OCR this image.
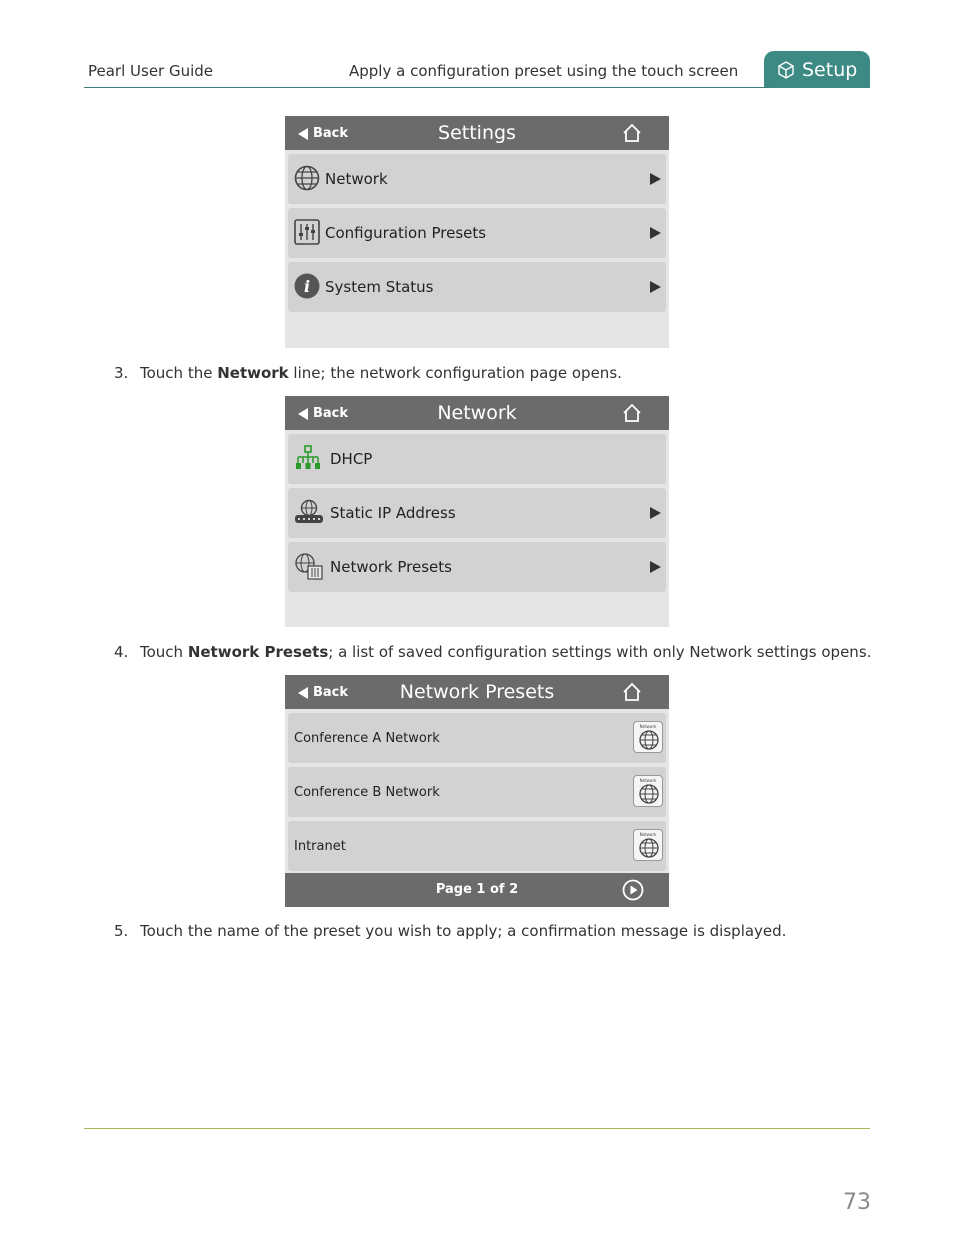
Pearl User Guide	Apply a configuration preset using the touch screen	Setup
Back	Settings
Network
Configuration Presets
i System Status
3. Touch the Network line; the network configuration page opens.
Back	Network
DHCP
Static IP Address
Network Presets
4. Touch Network Presets; a list of saved configuration settings with only Network settings opens.
Back	Network Presets
Conference A Network
Network
Conference B Network
Network
Intranet
Network
Page 1 of 2
5. Touch the name of the preset you wish to apply; a confirmation message is displayed.
73
